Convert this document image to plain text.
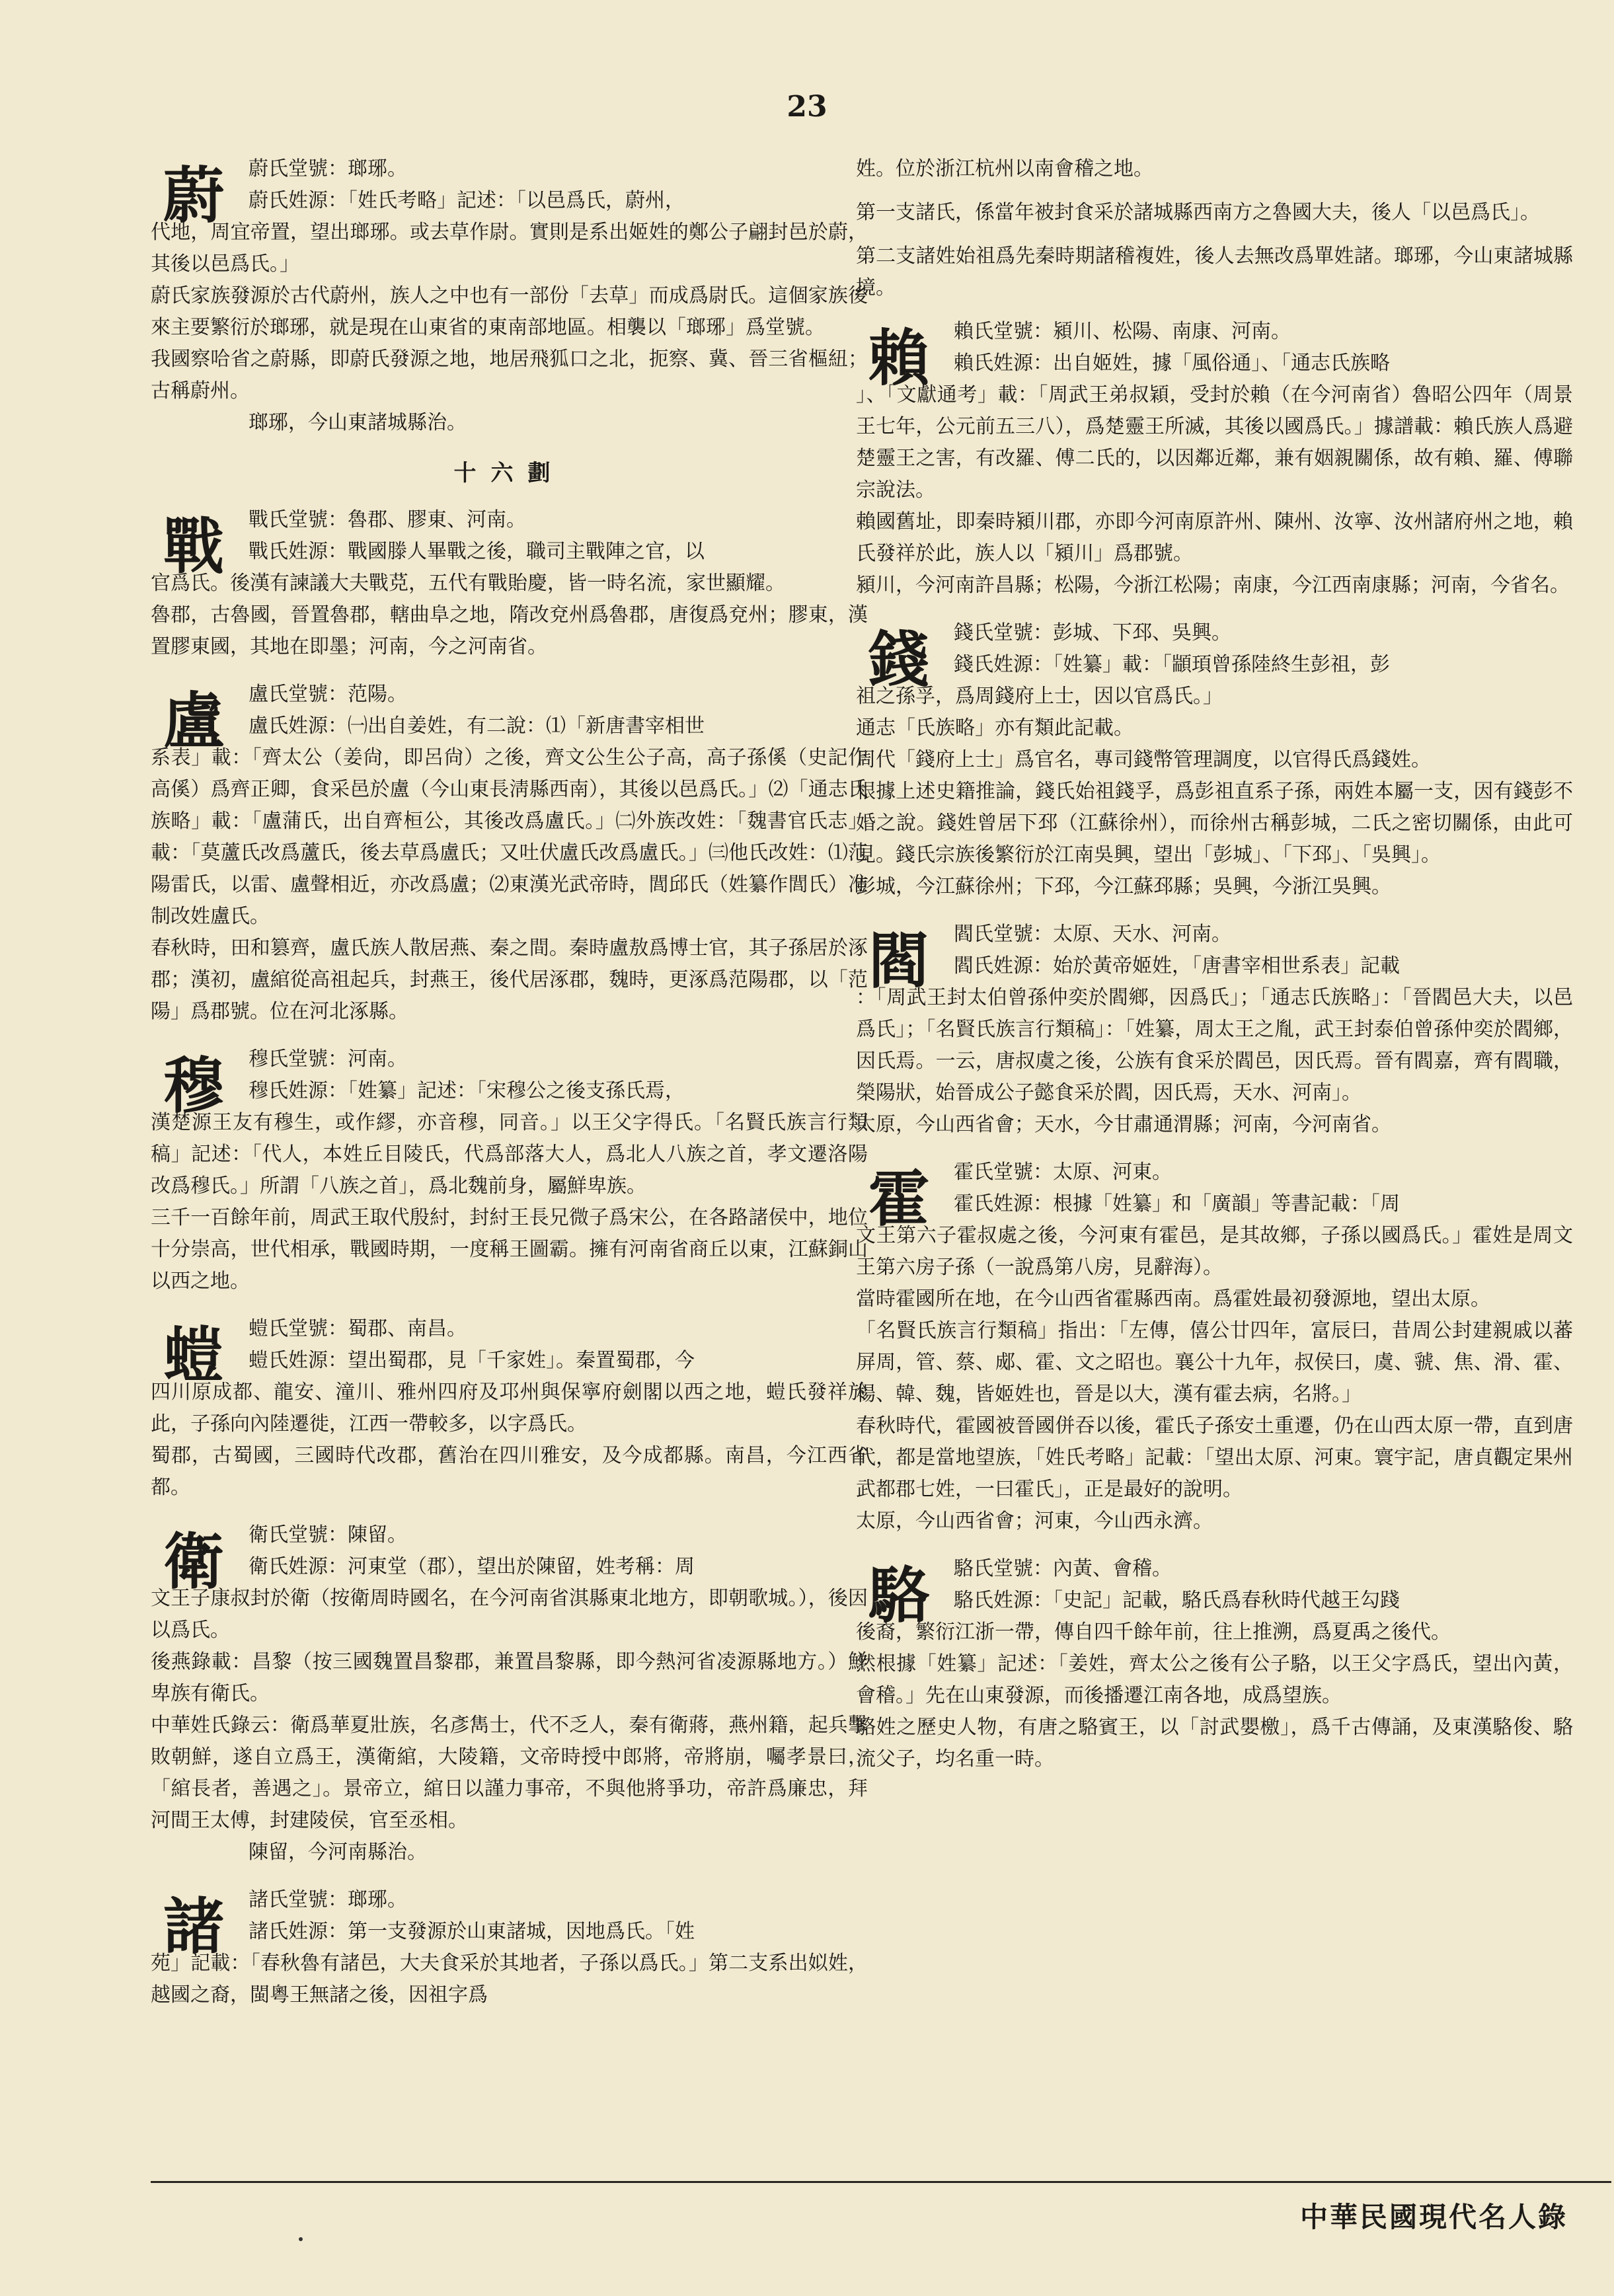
23
蔚	蔚氏堂號：瑯琊。

蔚氏姓源：「姓氏考略」記述：「以邑爲氏，蔚州，

代地，周宜帝置，望出瑯琊。或去草作尉。實則是系出姬姓的鄭公子翩封邑於蔚，其後以邑爲氏。」

蔚氏家族發源於古代蔚州，族人之中也有一部份「去草」而成爲尉氏。這個家族後來主要繁衍於瑯琊，就是現在山東省的東南部地區。相襲以「瑯琊」爲堂號。

我國察哈省之蔚縣，即蔚氏發源之地，地居飛狐口之北，扼察、冀、晉三省樞紐；古稱蔚州。

瑯琊，今山東諸城縣治。

十六劃
戰	戰氏堂號：魯郡、膠東、河南。

戰氏姓源：戰國滕人畢戰之後，職司主戰陣之官，以

官爲氏。後漢有諫議大夫戰莌，五代有戰貽慶，皆一時名流，家世顯耀。

魯郡，古魯國，晉置魯郡，轄曲阜之地，隋改兗州爲魯郡，唐復爲兗州；膠東，漢置膠東國，其地在即墨；河南，今之河南省。

盧	盧氏堂號：范陽。

盧氏姓源：㈠出自姜姓，有二說：⑴「新唐書宰相世

系表」載：「齊太公（姜尙，即呂尙）之後，齊文公生公子高，高子孫傒（史記作高傒）爲齊正卿，食采邑於盧（今山東長淸縣西南），其後以邑爲氏。」⑵「通志氏族略」載：「盧蒲氏，出自齊桓公，其後改爲盧氏。」㈡外族改姓：「魏書官氏志」載：「莫蘆氏改爲蘆氏，後去草爲盧氏；又吐伏盧氏改爲盧氏。」㈢他氏改姓：⑴范陽雷氏，以雷、盧聲相近，亦改爲盧；⑵東漢光武帝時，閭邱氏（姓纂作閭氏）准制改姓盧氏。

春秋時，田和篡齊，盧氏族人散居燕、秦之間。秦時盧敖爲博士官，其子孫居於涿郡；漢初，盧綰從高祖起兵，封燕王，後代居涿郡，魏時，更涿爲范陽郡，以「范陽」爲郡號。位在河北涿縣。

穆	穆氏堂號：河南。

穆氏姓源：「姓纂」記述：「宋穆公之後支孫氏焉，

漢楚源王友有穆生，或作繆，亦音穆，同音。」以王父字得氏。「名賢氏族言行類稿」記述：「代人，本姓丘目陵氏，代爲部落大人，爲北人八族之首，孝文遷洛陽改爲穆氏。」所謂「八族之首」，爲北魏前身，屬鮮卑族。

三千一百餘年前，周武王取代殷紂，封紂王長兄微子爲宋公，在各路諸侯中，地位十分崇高，世代相承，戰國時期，一度稱王圖霸。擁有河南省商丘以東，江蘇銅山以西之地。

螘	螘氏堂號：蜀郡、南昌。

螘氏姓源：望出蜀郡，見「千家姓」。秦置蜀郡，今

四川原成都、龍安、潼川、雅州四府及邛州與保寧府劍閣以西之地，螘氏發祥於此，子孫向內陸遷徙，江西一帶較多，以字爲氏。

蜀郡，古蜀國，三國時代改郡，舊治在四川雅安，及今成都縣。南昌，今江西省都。

衛	衛氏堂號：陳留。

衛氏姓源：河東堂（郡），望出於陳留，姓考稱：周

文王子康叔封於衛（按衛周時國名，在今河南省淇縣東北地方，即朝歌城。），後因以爲氏。

後燕錄載：昌黎（按三國魏置昌黎郡，兼置昌黎縣，即今熱河省凌源縣地方。）鮮卑族有衛氏。

中華姓氏錄云：衛爲華夏壯族，名彥雋士，代不乏人，秦有衛蔣，燕州籍，起兵擊敗朝鮮，遂自立爲王，漢衛綰，大陵籍，文帝時授中郎將，帝將崩，囑孝景曰，「綰長者，善遇之」。景帝立，綰日以謹力事帝，不與他將爭功，帝許爲廉忠，拜河間王太傅，封建陵侯，官至丞相。

陳留，今河南縣治。

諸	諸氏堂號：瑯琊。

諸氏姓源：第一支發源於山東諸城，因地爲氏。「姓

苑」記載：「春秋魯有諸邑，大夫食采於其地者，子孫以爲氏。」第二支系出姒姓，越國之裔，閩粵王無諸之後，因祖字爲

姓。位於浙江杭州以南會稽之地。

第一支諸氏，係當年被封食采於諸城縣西南方之魯國大夫，後人「以邑爲氏」。

第二支諸姓始祖爲先秦時期諸稽複姓，後人去無改爲單姓諸。瑯琊，今山東諸城縣境。

賴	賴氏堂號：潁川、松陽、南康、河南。

賴氏姓源：出自姬姓，據「風俗通」、「通志氏族略

」、「文獻通考」載：「周武王弟叔穎，受封於賴（在今河南省）魯昭公四年（周景王七年，公元前五三八），爲楚靈王所滅，其後以國爲氏。」據譜載：賴氏族人爲避楚靈王之害，有改羅、傅二氏的，以因鄰近鄰，兼有姻親關係，故有賴、羅、傅聯宗說法。

賴國舊址，即秦時潁川郡，亦即今河南原許州、陳州、汝寧、汝州諸府州之地，賴氏發祥於此，族人以「潁川」爲郡號。

潁川，今河南許昌縣；松陽，今浙江松陽；南康，今江西南康縣；河南，今省名。

錢	錢氏堂號：彭城、下邳、吳興。

錢氏姓源：「姓纂」載：「顓頊曾孫陸終生彭祖，彭

祖之孫孚，爲周錢府上士，因以官爲氏。」

通志「氏族略」亦有類此記載。

周代「錢府上士」爲官名，專司錢幣管理調度，以官得氏爲錢姓。

根據上述史籍推論，錢氏始祖錢孚，爲彭祖直系子孫，兩姓本屬一支，因有錢彭不婚之說。錢姓曾居下邳（江蘇徐州），而徐州古稱彭城，二氏之密切關係，由此可見。錢氏宗族後繁衍於江南吳興，望出「彭城」、「下邳」、「吳興」。

彭城，今江蘇徐州；下邳，今江蘇邳縣；吳興，今浙江吳興。

閻	閻氏堂號：太原、天水、河南。

閻氏姓源：始於黃帝姬姓，「唐書宰相世系表」記載

：「周武王封太伯曾孫仲奕於閻鄉，因爲氏」；「通志氏族略」：「晉閻邑大夫，以邑爲氏」；「名賢氏族言行類稿」：「姓纂，周太王之胤，武王封泰伯曾孫仲奕於閻鄉，因氏焉。一云，唐叔虞之後，公族有食采於閻邑，因氏焉。晉有閻嘉，齊有閻職，榮陽狀，始晉成公子懿食采於閻，因氏焉，天水、河南」。

太原，今山西省會；天水，今甘肅通渭縣；河南，今河南省。

霍	霍氏堂號：太原、河東。

霍氏姓源：根據「姓纂」和「廣韻」等書記載：「周

文王第六子霍叔處之後，今河東有霍邑，是其故鄉，子孫以國爲氏。」霍姓是周文王第六房子孫（一說爲第八房，見辭海）。

當時霍國所在地，在今山西省霍縣西南。爲霍姓最初發源地，望出太原。

「名賢氏族言行類稿」指出：「左傳，僖公廿四年，富辰曰，昔周公封建親戚以蕃屏周，管、蔡、郕、霍、文之昭也。襄公十九年，叔侯曰，虞、虢、焦、滑、霍、楊、韓、魏，皆姬姓也，晉是以大，漢有霍去病，名將。」

春秋時代，霍國被晉國併吞以後，霍氏子孫安土重遷，仍在山西太原一帶，直到唐代，都是當地望族，「姓氏考略」記載：「望出太原、河東。寰宇記，唐貞觀定果州武都郡七姓，一曰霍氏」，正是最好的說明。

太原，今山西省會；河東，今山西永濟。

駱	駱氏堂號：內黃、會稽。

駱氏姓源：「史記」記載，駱氏爲春秋時代越王勾踐

後裔，繁衍江浙一帶，傳自四千餘年前，往上推溯，爲夏禹之後代。

然根據「姓纂」記述：「姜姓，齊太公之後有公子駱，以王父字爲氏，望出內黃，會稽。」先在山東發源，而後播遷江南各地，成爲望族。

駱姓之歷史人物，有唐之駱賓王，以「討武嬰檄」，爲千古傳誦，及東漢駱俊、駱流父子，均名重一時。

中華民國現代名人錄
